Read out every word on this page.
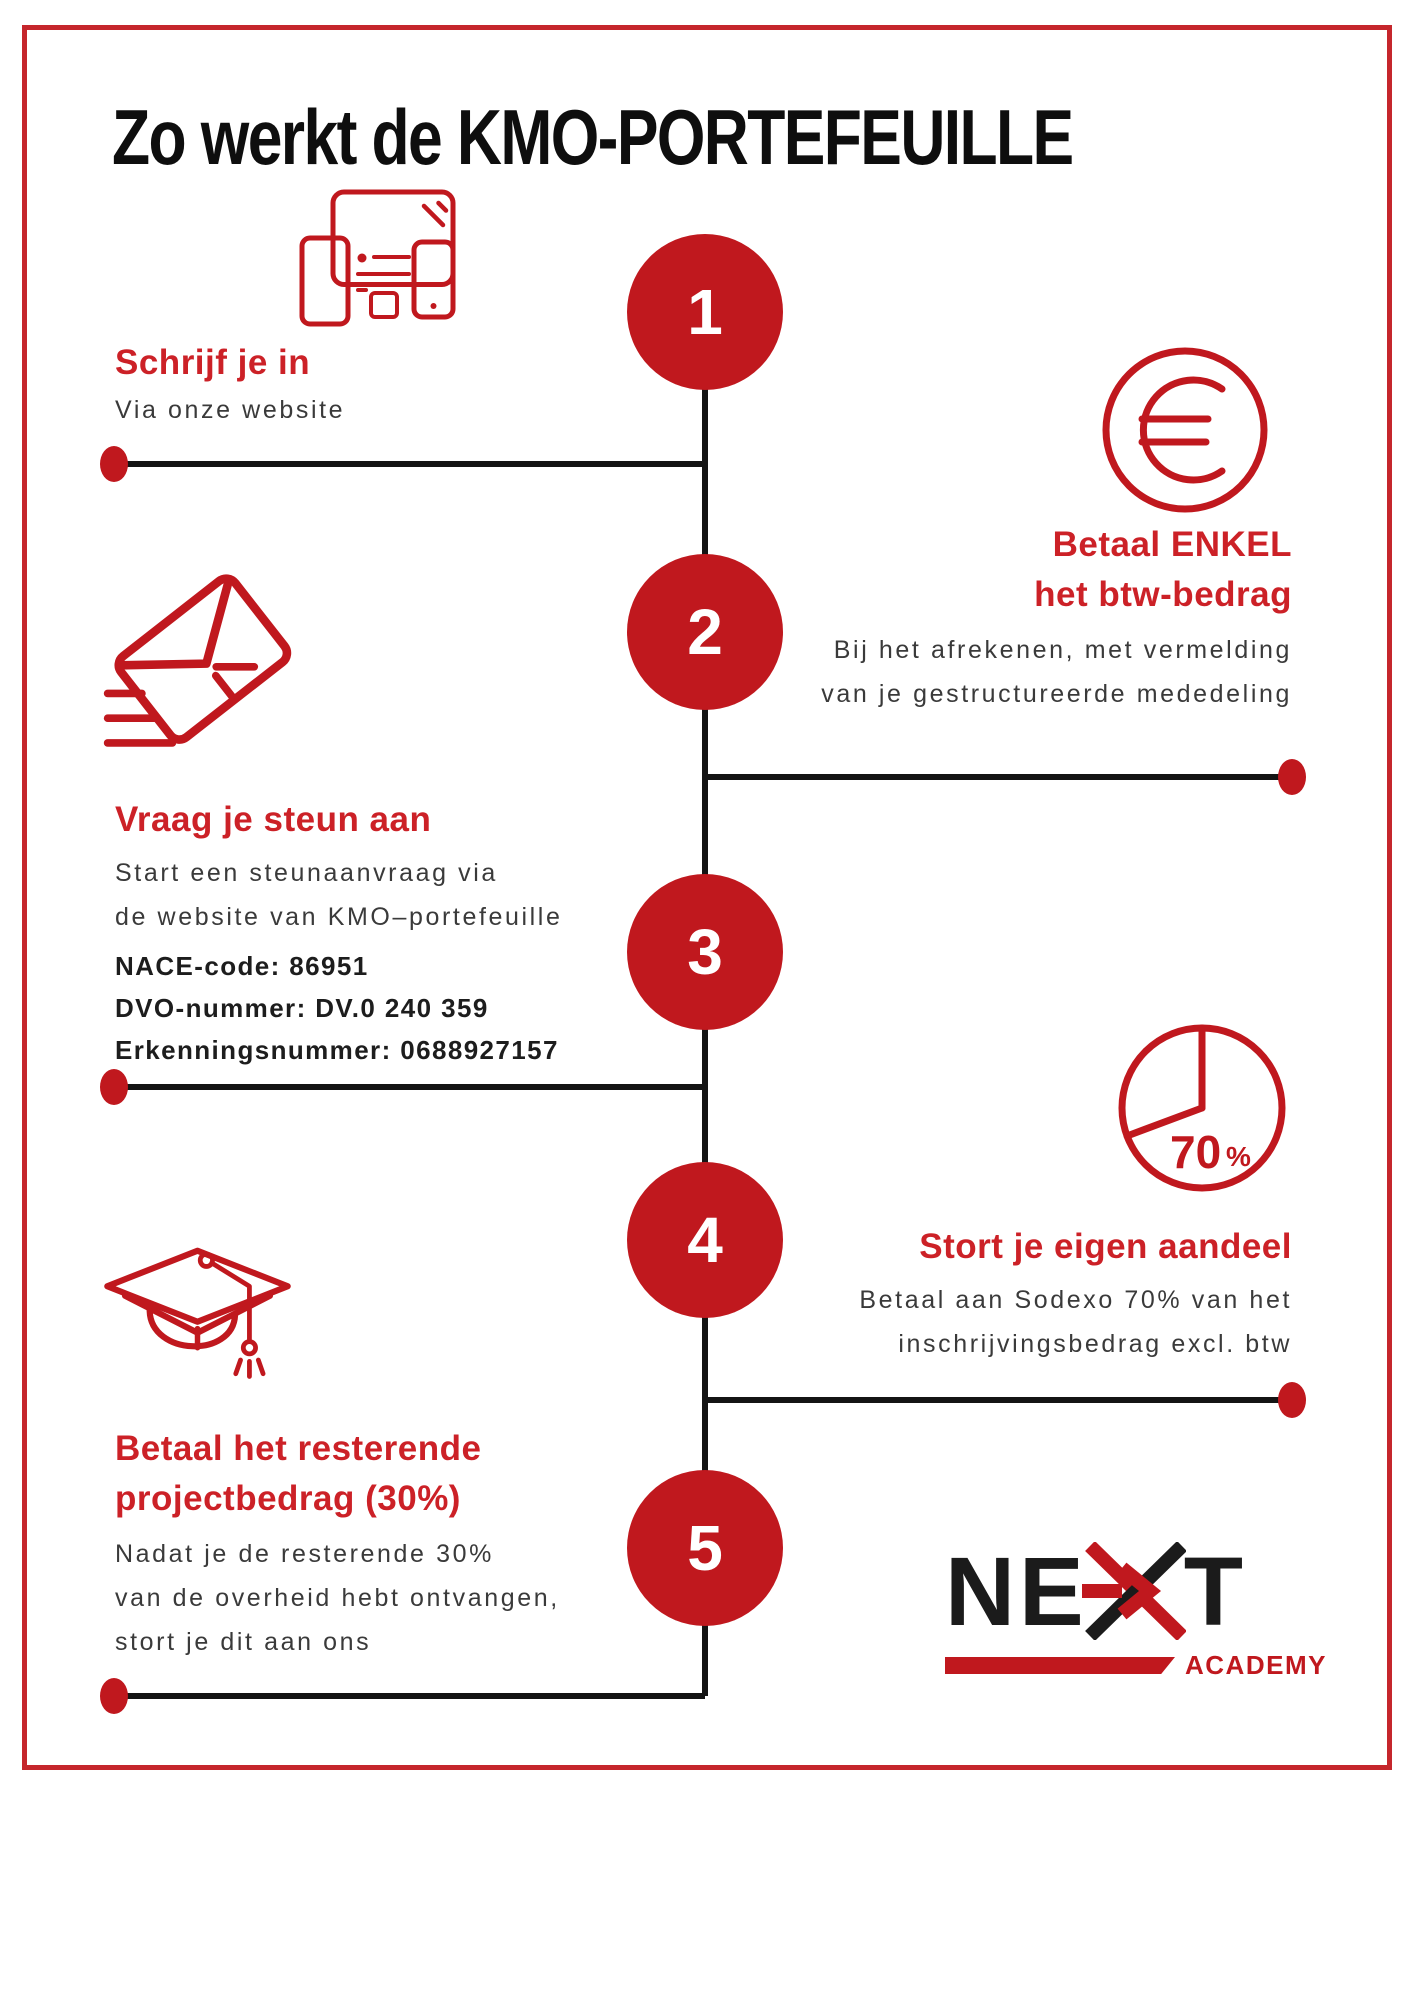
Zo werkt de KMO-PORTEFEUILLE
1
2
3
4
5
Schrijf je in
Via onze website
Betaal ENKEL
het btw-bedrag
Bij het afrekenen, met vermelding
van je gestructureerde mededeling
Vraag je steun aan
Start een steunaanvraag via
de website van KMO–portefeuille
NACE-code: 86951
DVO-nummer: DV.0 240 359
Erkenningsnummer: 0688927157
70 %
Stort je eigen aandeel
Betaal aan Sodexo 70% van het
inschrijvingsbedrag excl. btw
Betaal het resterende
projectbedrag (30%)
Nadat je de resterende 30%
van de overheid hebt ontvangen,
stort je dit aan ons	NE T
ACADEMY
